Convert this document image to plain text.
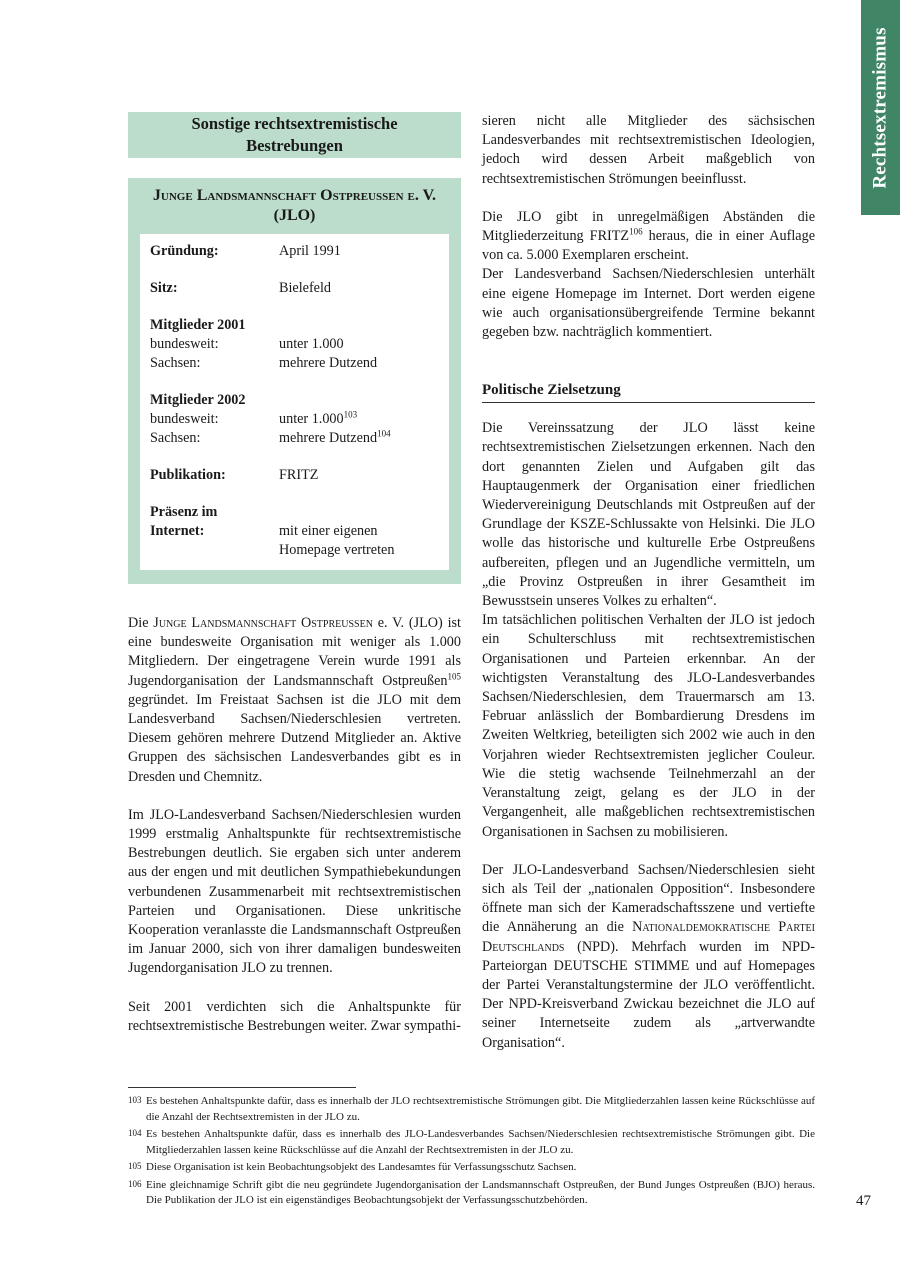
Rechtsextremismus
Sonstige rechtsextremistische
Bestrebungen
Junge Landsmannschaft Ostpreußen e. V.
(JLO)
Gründung:	April 1991
Sitz:	Bielefeld
Mitglieder 2001
bundesweit:	unter 1.000
Sachsen:	mehrere Dutzend
Mitglieder 2002
bundesweit:	unter 1.000$^{103}$
Sachsen:	mehrere Dutzend$^{104}$
Publikation:	FRITZ
Präsenz im
Internet:	mit einer eigenen
Homepage vertreten

Die Junge Landsmannschaft Ostpreußen e. V. (JLO) ist eine bundesweite Organisation mit weniger als 1.000 Mitgliedern. Der eingetragene Verein wurde 1991 als Jugendorganisation der Landsmannschaft Ostpreußen$^{105}$ gegründet. Im Freistaat Sachsen ist die JLO mit dem Landesverband Sachsen/Niederschlesien vertreten. Diesem gehören mehrere Dutzend Mitglieder an. Aktive Gruppen des sächsischen Landesverbandes gibt es in Dresden und Chemnitz.

Im JLO-Landesverband Sachsen/Niederschlesien wurden 1999 erstmalig Anhaltspunkte für rechtsextremistische Bestrebungen deutlich. Sie ergaben sich unter anderem aus der engen und mit deutlichen Sympathiebekundungen verbundenen Zusammenarbeit mit rechtsextremistischen Parteien und Organisationen. Diese unkritische Kooperation veranlasste die Landsmannschaft Ostpreußen im Januar 2000, sich von ihrer damaligen bundesweiten Jugendorganisation JLO zu trennen.

Seit 2001 verdichten sich die Anhaltspunkte für rechtsextremistische Bestrebungen weiter. Zwar sympathi-

sieren nicht alle Mitglieder des sächsischen Landesverbandes mit rechtsextremistischen Ideologien, jedoch wird dessen Arbeit maßgeblich von rechtsextremistischen Strömungen beeinflusst.

Die JLO gibt in unregelmäßigen Abständen die Mitgliederzeitung FRITZ$^{106}$ heraus, die in einer Auflage von ca. 5.000 Exemplaren erscheint.

Der Landesverband Sachsen/Niederschlesien unterhält eine eigene Homepage im Internet. Dort werden eigene wie auch organisationsübergreifende Termine bekannt gegeben bzw. nachträglich kommentiert.

Politische Zielsetzung

Die Vereinssatzung der JLO lässt keine rechtsextremistischen Zielsetzungen erkennen. Nach den dort genannten Zielen und Aufgaben gilt das Hauptaugenmerk der Organisation einer friedlichen Wiedervereinigung Deutschlands mit Ostpreußen auf der Grundlage der KSZE-Schlussakte von Helsinki. Die JLO wolle das historische und kulturelle Erbe Ostpreußens aufbereiten, pflegen und an Jugendliche vermitteln, um „die Provinz Ostpreußen in ihrer Gesamtheit im Bewusstsein unseres Volkes zu erhalten“.

Im tatsächlichen politischen Verhalten der JLO ist jedoch ein Schulterschluss mit rechtsextremistischen Organisationen und Parteien erkennbar. An der wichtigsten Veranstaltung des JLO-Landesverbandes Sachsen/Niederschlesien, dem Trauermarsch am 13. Februar anlässlich der Bombardierung Dresdens im Zweiten Weltkrieg, beteiligten sich 2002 wie auch in den Vorjahren wieder Rechtsextremisten jeglicher Couleur. Wie die stetig wachsende Teilnehmerzahl an der Veranstaltung zeigt, gelang es der JLO in der Vergangenheit, alle maßgeblichen rechtsextremistischen Organisationen in Sachsen zu mobilisieren.

Der JLO-Landesverband Sachsen/Niederschlesien sieht sich als Teil der „nationalen Opposition“. Insbesondere öffnete man sich der Kameradschaftsszene und vertiefte die Annäherung an die Nationaldemokratische Partei Deutschlands (NPD). Mehrfach wurden im NPD-Parteiorgan DEUTSCHE STIMME und auf Homepages der Partei Veranstaltungstermine der JLO veröffentlicht. Der NPD-Kreisverband Zwickau bezeichnet die JLO auf seiner Internetseite zudem als „artverwandte Organisation“.

103 Es bestehen Anhaltspunkte dafür, dass es innerhalb der JLO rechtsextremistische Strömungen gibt. Die Mitgliederzahlen lassen keine Rückschlüsse auf die Anzahl der Rechtsextremisten in der JLO zu.
104 Es bestehen Anhaltspunkte dafür, dass es innerhalb des JLO-Landesverbandes Sachsen/Niederschlesien rechtsextremistische Strömungen gibt. Die Mitgliederzahlen lassen keine Rückschlüsse auf die Anzahl der Rechtsextremisten in der JLO zu.
105 Diese Organisation ist kein Beobachtungsobjekt des Landesamtes für Verfassungsschutz Sachsen.
106 Eine gleichnamige Schrift gibt die neu gegründete Jugendorganisation der Landsmannschaft Ostpreußen, der Bund Junges Ostpreußen (BJO) heraus. Die Publikation der JLO ist ein eigenständiges Beobachtungsobjekt der Verfassungsschutzbehörden.	47
